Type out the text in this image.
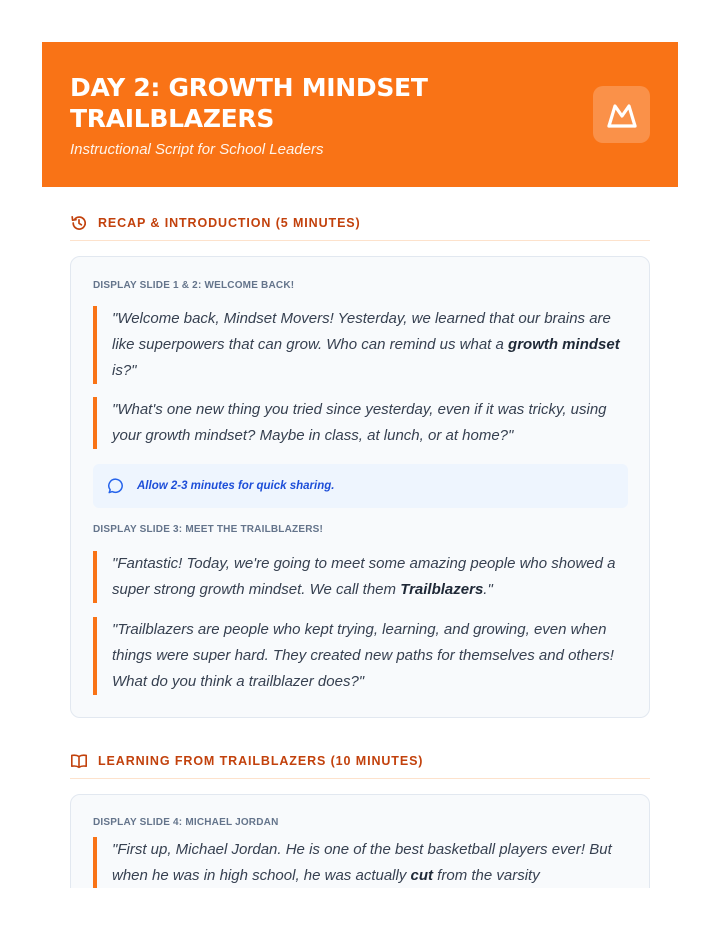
DAY 2: GROWTH MINDSET
TRAILBLAZERS
Instructional Script for School Leaders
RECAP & INTRODUCTION (5 MINUTES)
DISPLAY SLIDE 1 & 2: WELCOME BACK!
"Welcome back, Mindset Movers! Yesterday, we learned that our brains are like superpowers that can grow. Who can remind us what a growth mindset is?"
"What's one new thing you tried since yesterday, even if it was tricky, using your growth mindset? Maybe in class, at lunch, or at home?"
Allow 2-3 minutes for quick sharing.
DISPLAY SLIDE 3: MEET THE TRAILBLAZERS!
"Fantastic! Today, we're going to meet some amazing people who showed a super strong growth mindset. We call them Trailblazers."
"Trailblazers are people who kept trying, learning, and growing, even when things were super hard. They created new paths for themselves and others! What do you think a trailblazer does?"
LEARNING FROM TRAILBLAZERS (10 MINUTES)
DISPLAY SLIDE 4: MICHAEL JORDAN
"First up, Michael Jordan. He is one of the best basketball players ever! But when he was in high school, he was actually cut from the varsity
